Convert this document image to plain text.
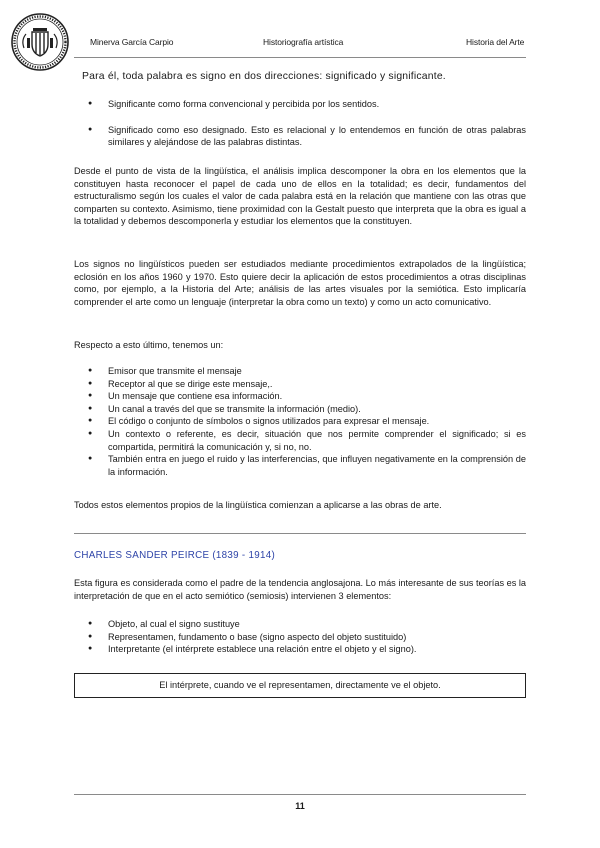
Minerva García Carpio	Historiografía artística	Historia del Arte
Para él, toda palabra es signo en dos direcciones: significado y significante.
● Significante como forma convencional y percibida por los sentidos.
● Significado como eso designado. Esto es relacional y lo entendemos en función de otras palabras similares y alejándose de las palabras distintas.
Desde el punto de vista de la lingüística, el análisis implica descomponer la obra en los elementos que la constituyen hasta reconocer el papel de cada uno de ellos en la totalidad; es decir, fundamentos del estructuralismo según los cuales el valor de cada palabra está en la relación que mantiene con las otras que comparten su contexto. Asimismo, tiene proximidad con la Gestalt puesto que interpreta que la obra es igual a la totalidad y debemos descomponerla y estudiar los elementos que la constituyen.
Los signos no lingüísticos pueden ser estudiados mediante procedimientos extrapolados de la lingüística; eclosión en los años 1960 y 1970. Esto quiere decir la aplicación de estos procedimientos a otras disciplinas como, por ejemplo, a la Historia del Arte; análisis de las artes visuales por la semiótica. Esto implicaría comprender el arte como un lenguaje (interpretar la obra como un texto) y como un acto comunicativo.
Respecto a esto último, tenemos un:
● Emisor que transmite el mensaje
● Receptor al que se dirige este mensaje,.
● Un mensaje que contiene esa información.
● Un canal a través del que se transmite la información (medio).
● El código o conjunto de símbolos o signos utilizados para expresar el mensaje.
● Un contexto o referente, es decir, situación que nos permite comprender el significado; si es compartida, permitirá la comunicación y, si no, no.
● También entra en juego el ruido y las interferencias, que influyen negativamente en la comprensión de la información.
Todos estos elementos propios de la lingüística comienzan a aplicarse a las obras de arte.
CHARLES SANDER PEIRCE (1839 - 1914)
Esta figura es considerada como el padre de la tendencia anglosajona. Lo más interesante de sus teorías es la interpretación de que en el acto semiótico (semiosis) intervienen 3 elementos:
● Objeto, al cual el signo sustituye
● Representamen, fundamento o base (signo aspecto del objeto sustituido)
● Interpretante (el intérprete establece una relación entre el objeto y el signo).
El intérprete, cuando ve el representamen, directamente ve el objeto.
11
